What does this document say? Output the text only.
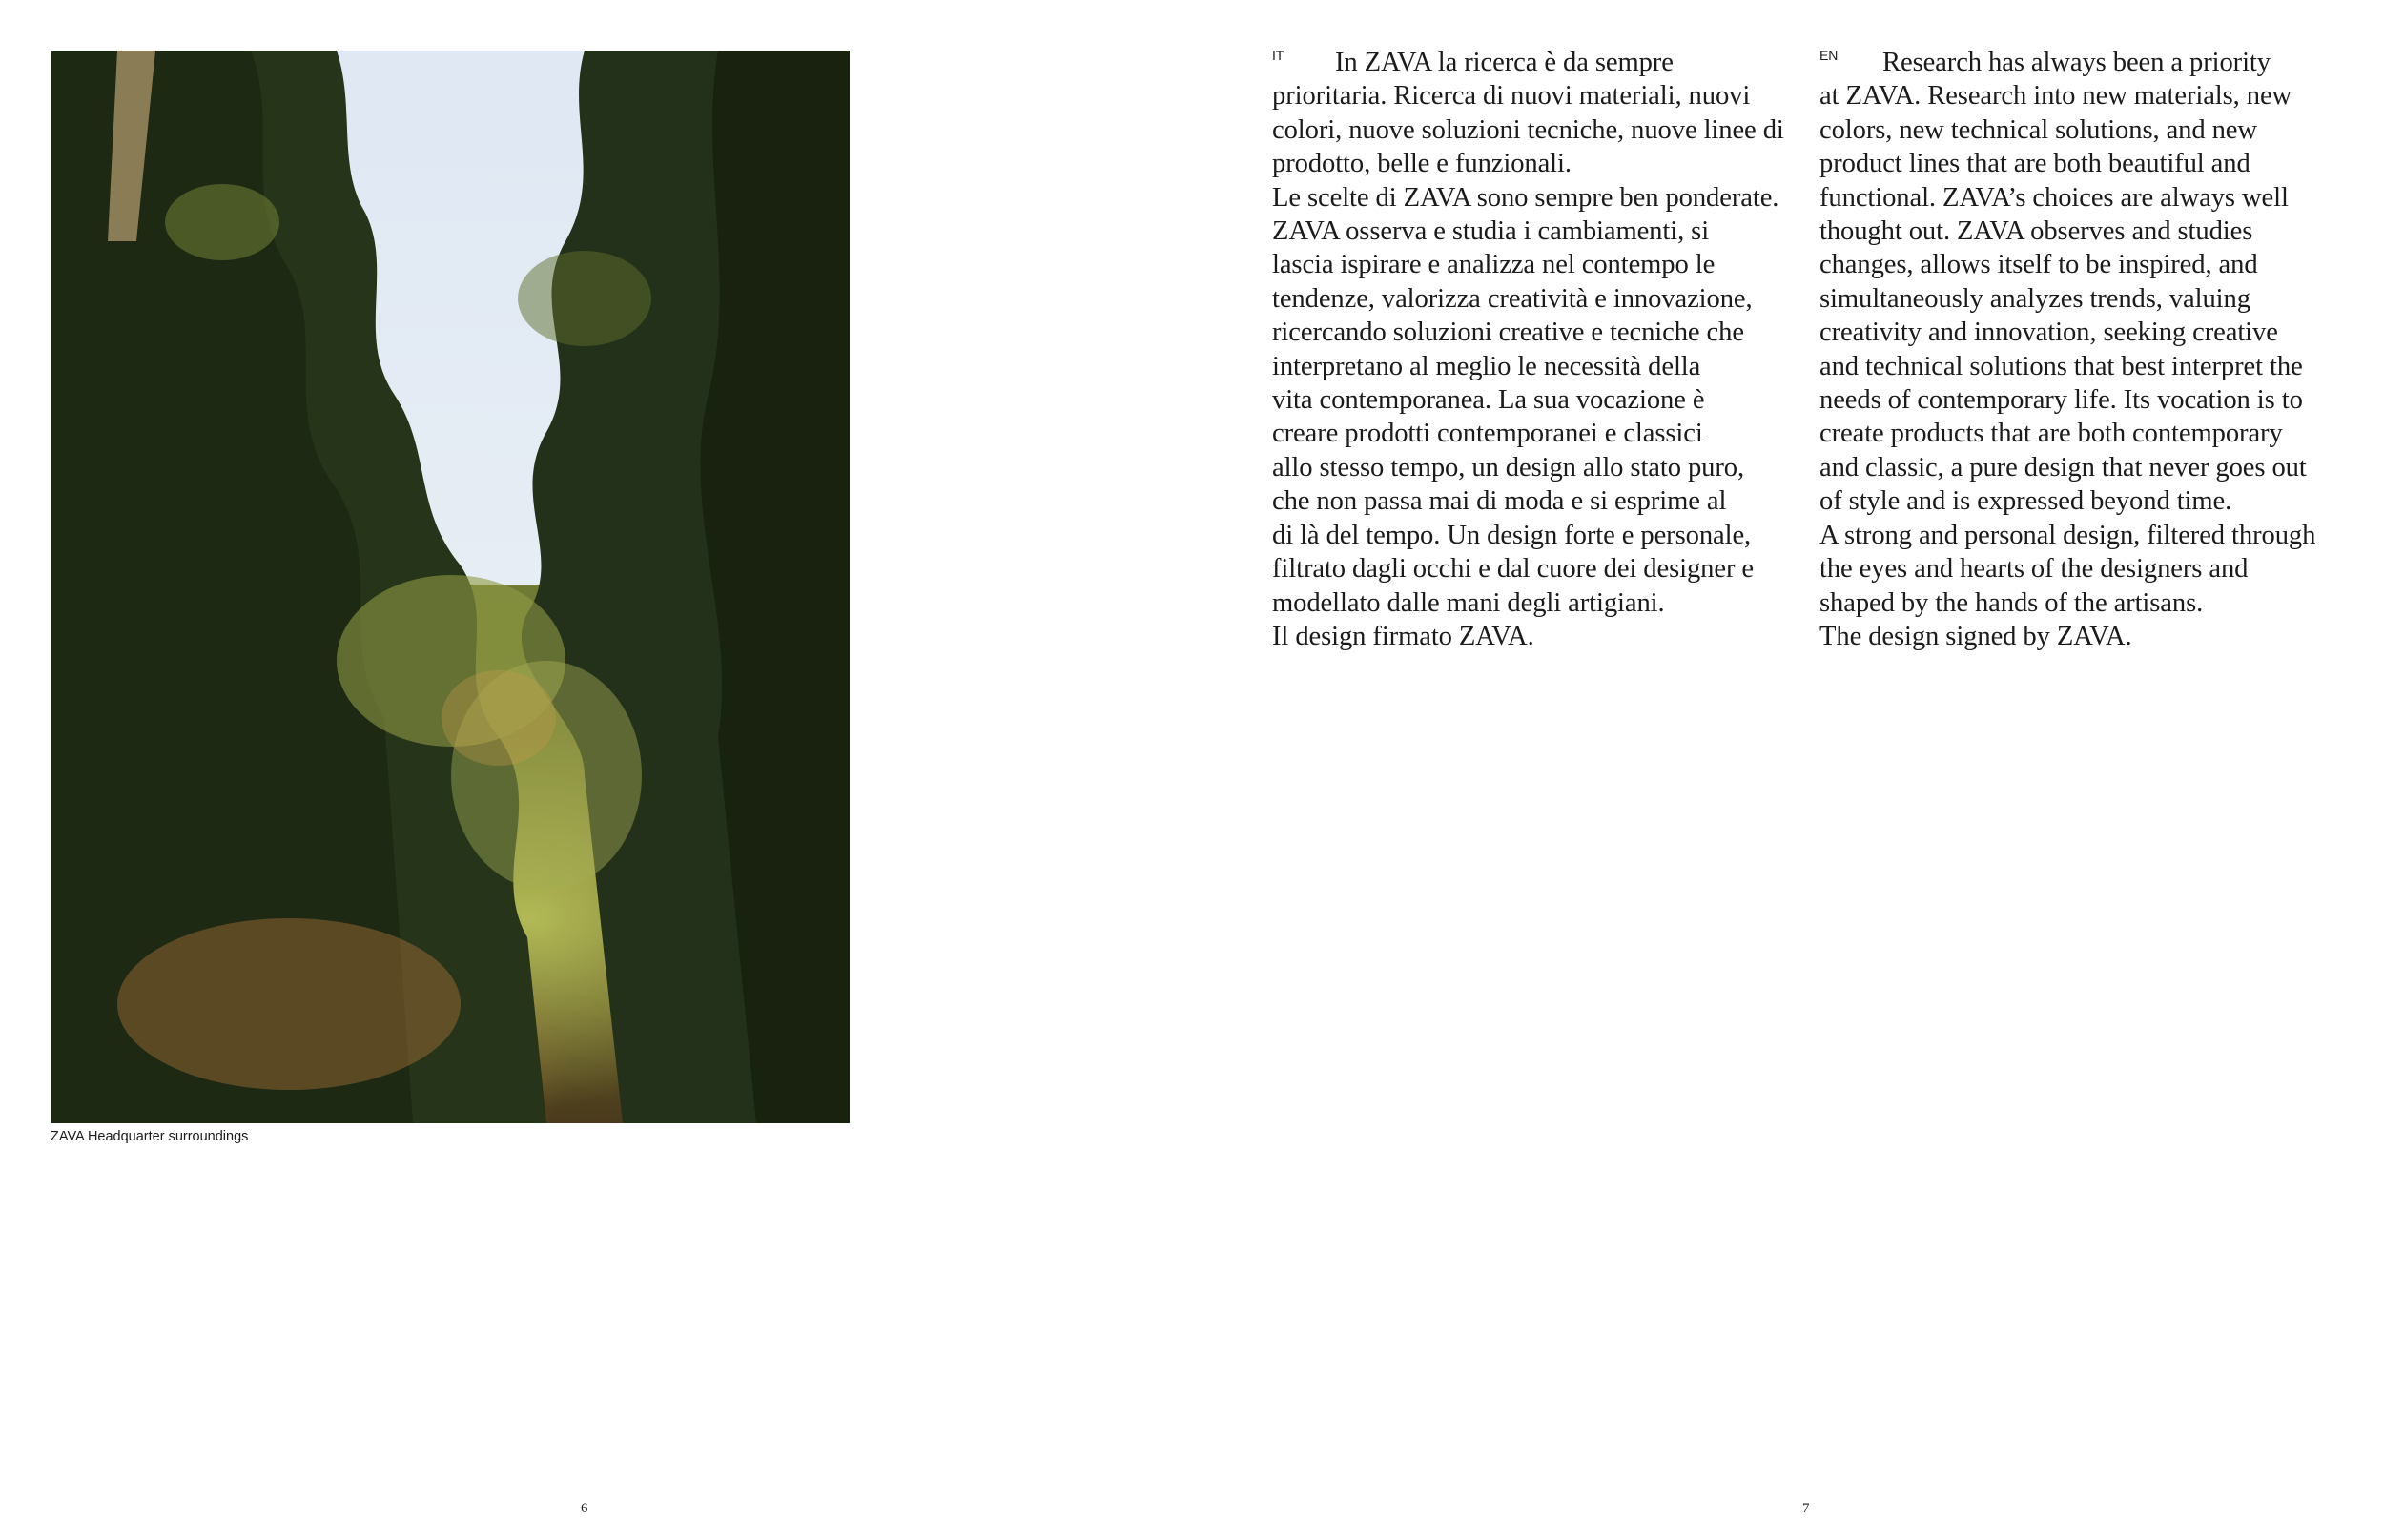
ZAVA Headquarter surroundings
IT	In ZAVA la ricerca è da sempre
prioritaria. Ricerca di nuovi materiali, nuovi
colori, nuove soluzioni tecniche, nuove linee di
prodotto, belle e funzionali.
Le scelte di ZAVA sono sempre ben ponderate.
ZAVA osserva e studia i cambiamenti, si
lascia ispirare e analizza nel contempo le
tendenze, valorizza creatività e innovazione,
ricercando soluzioni creative e tecniche che
interpretano al meglio le necessità della
vita contemporanea. La sua vocazione è
creare prodotti contemporanei e classici
allo stesso tempo, un design allo stato puro,
che non passa mai di moda e si esprime al
di là del tempo. Un design forte e personale,
filtrato dagli occhi e dal cuore dei designer e
modellato dalle mani degli artigiani.
Il design firmato ZAVA.
EN	Research has always been a priority
at ZAVA. Research into new materials, new
colors, new technical solutions, and new
product lines that are both beautiful and
functional. ZAVA’s choices are always well
thought out. ZAVA observes and studies
changes, allows itself to be inspired, and
simultaneously analyzes trends, valuing
creativity and innovation, seeking creative
and technical solutions that best interpret the
needs of contemporary life. Its vocation is to
create products that are both contemporary
and classic, a pure design that never goes out
of style and is expressed beyond time.
A strong and personal design, filtered through
the eyes and hearts of the designers and
shaped by the hands of the artisans.
The design signed by ZAVA.
6	7
